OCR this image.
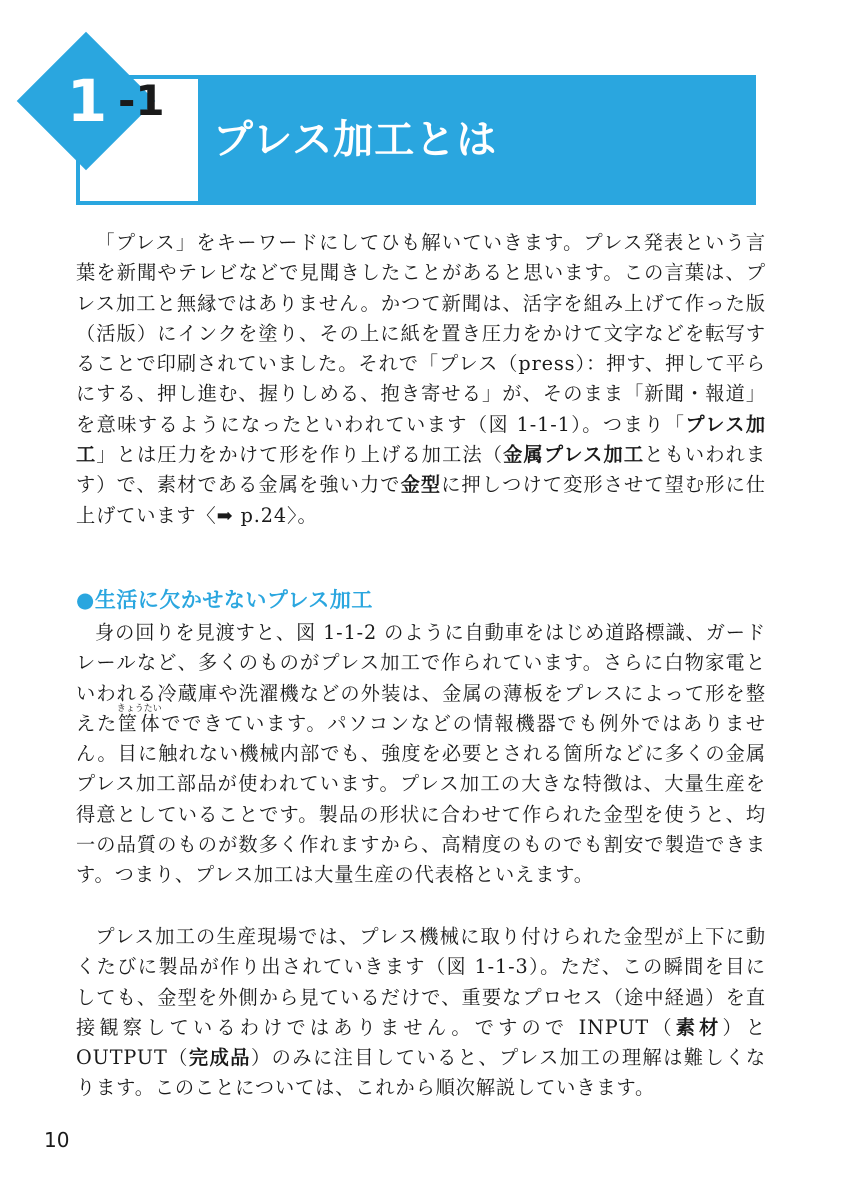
1 -1
プレス加工とは

「プレス」をキーワードにしてひも解いていきます。プレス発表という言葉を新聞やテレビなどで見聞きしたことがあると思います。この言葉は、プレス加工と無縁ではありません。かつて新聞は、活字を組み上げて作った版（活版）にインクを塗り、その上に紙を置き圧力をかけて文字などを転写することで印刷されていました。それで「プレス（press）：押す、押して平らにする、押し進む、握りしめる、抱き寄せる」が、そのまま「新聞・報道」を意味するようになったといわれています（図 1-1-1）。つまり「プレス加工」とは圧力をかけて形を作り上げる加工法（金属プレス加工ともいわれます）で、素材である金属を強い力で金型に押しつけて変形させて望む形に仕上げています〈➡ p.24〉。

●生活に欠かせないプレス加工

身の回りを見渡すと、図 1-1-2 のように自動車をはじめ道路標識、ガードレールなど、多くのものがプレス加工で作られています。さらに白物家電といわれる冷蔵庫や洗濯機などの外装は、金属の薄板をプレスによって形を整えた筐体きょうたいでできています。パソコンなどの情報機器でも例外ではありません。目に触れない機械内部でも、強度を必要とされる箇所などに多くの金属プレス加工部品が使われています。プレス加工の大きな特徴は、大量生産を得意としていることです。製品の形状に合わせて作られた金型を使うと、均一の品質のものが数多く作れますから、高精度のものでも割安で製造できます。つまり、プレス加工は大量生産の代表格といえます。

プレス加工の生産現場では、プレス機械に取り付けられた金型が上下に動くたびに製品が作り出されていきます（図 1-1-3）。ただ、この瞬間を目にしても、金型を外側から見ているだけで、重要なプロセス（途中経過）を直接観察しているわけではありません。ですので INPUT（素材）と OUTPUT（完成品）のみに注目していると、プレス加工の理解は難しくなります。このことについては、これから順次解説していきます。

10
